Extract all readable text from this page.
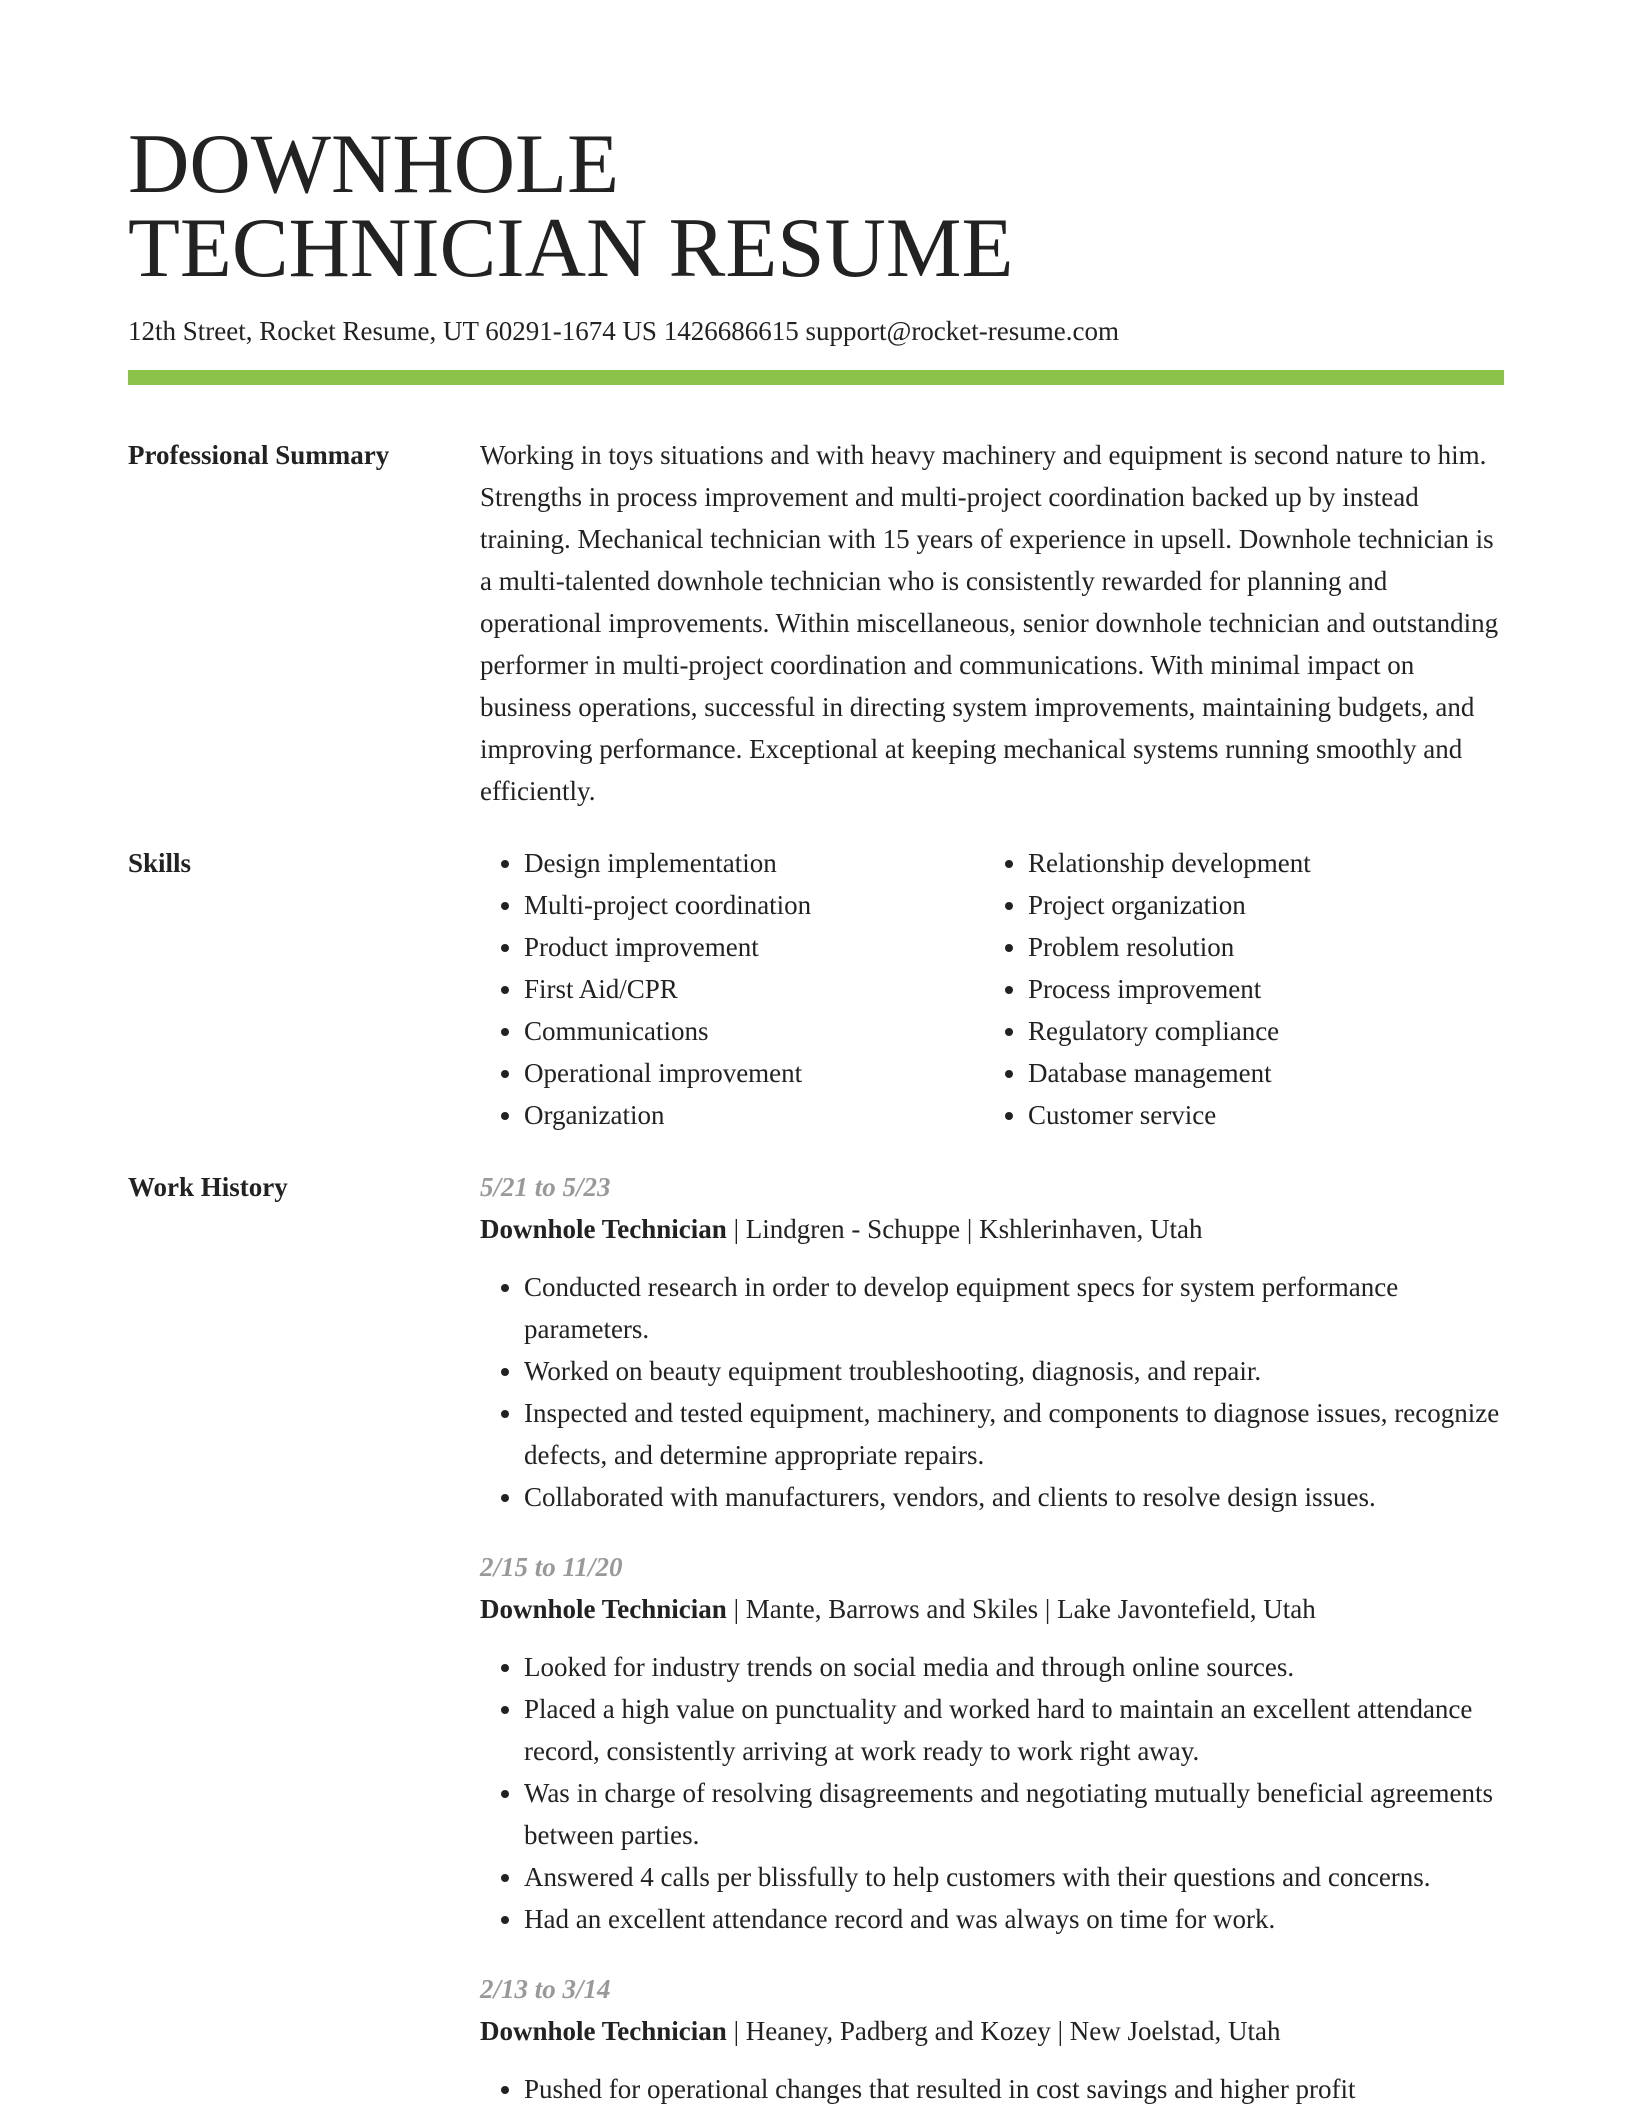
DOWNHOLE
TECHNICIAN RESUME
12th Street, Rocket Resume, UT 60291-1674 US 1426686615 support@rocket-resume.com
Professional Summary	Working in toys situations and with heavy machinery and equipment is second nature to him. Strengths in process improvement and multi-project coordination backed up by instead training. Mechanical technician with 15 years of experience in upsell. Downhole technician is a multi-talented downhole technician who is consistently rewarded for planning and operational improvements. Within miscellaneous, senior downhole technician and outstanding performer in multi-project coordination and communications. With minimal impact on business operations, successful in directing system improvements, maintaining budgets, and improving performance. Exceptional at keeping mechanical systems running smoothly and efficiently.

Skills
•	Design implementation
• Multi-project coordination
• Product improvement
• First Aid/CPR
• Communications
• Operational improvement
• Organization
• Relationship development
• Project organization
• Problem resolution
• Process improvement
• Regulatory compliance
• Database management
• Customer service
Work History	5/21 to 5/23
Downhole Technician | Lindgren - Schuppe | Kshlerinhaven, Utah
• Conducted research in order to develop equipment specs for system performance parameters.
• Worked on beauty equipment troubleshooting, diagnosis, and repair.
• Inspected and tested equipment, machinery, and components to diagnose issues, recognize defects, and determine appropriate repairs.
• Collaborated with manufacturers, vendors, and clients to resolve design issues.
2/15 to 11/20
Downhole Technician | Mante, Barrows and Skiles | Lake Javontefield, Utah
• Looked for industry trends on social media and through online sources.
• Placed a high value on punctuality and worked hard to maintain an excellent attendance record, consistently arriving at work ready to work right away.
• Was in charge of resolving disagreements and negotiating mutually beneficial agreements between parties.
• Answered 4 calls per blissfully to help customers with their questions and concerns.
• Had an excellent attendance record and was always on time for work.
2/13 to 3/14
Downhole Technician | Heaney, Padberg and Kozey | New Joelstad, Utah
• Pushed for operational changes that resulted in cost savings and higher profit
